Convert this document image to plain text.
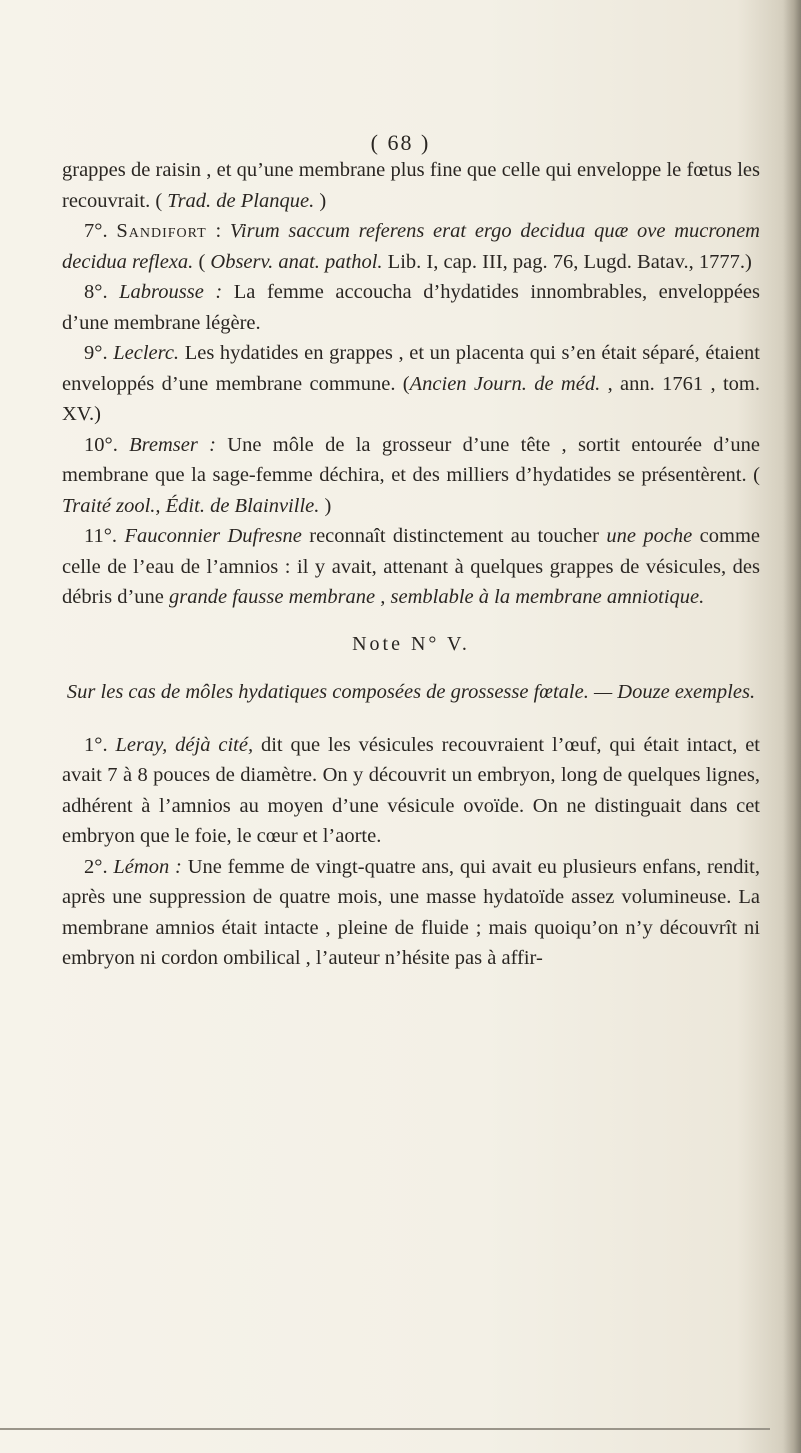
( 68 )

grappes de raisin , et qu’une membrane plus fine que celle qui enveloppe le fœtus les recouvrait. ( Trad. de Planque. )

7°. Sandifort : Virum saccum referens erat ergo decidua quæ ove mucronem decidua reflexa. ( Observ. anat. pathol. Lib. I, cap. III, pag. 76, Lugd. Batav., 1777.)

8°. Labrousse : La femme accoucha d’hydatides innombrables, enveloppées d’une membrane légère.

9°. Leclerc. Les hydatides en grappes , et un placenta qui s’en était séparé, étaient enveloppés d’une membrane commune. (Ancien Journ. de méd. , ann. 1761 , tom. XV.)

10°. Bremser : Une môle de la grosseur d’une tête , sortit entourée d’une membrane que la sage-femme déchira, et des milliers d’hydatides se présentèrent. ( Traité zool., Édit. de Blainville. )

11°. Fauconnier Dufresne reconnaît distinctement au toucher une poche comme celle de l’eau de l’amnios : il y avait, attenant à quelques grappes de vésicules, des débris d’une grande fausse membrane , semblable à la membrane amniotique.

Note N° V.
Sur les cas de môles hydatiques composées de grossesse fœtale. — Douze exemples.

1°. Leray, déjà cité, dit que les vésicules recouvraient l’œuf, qui était intact, et avait 7 à 8 pouces de diamètre. On y découvrit un embryon, long de quelques lignes, adhérent à l’amnios au moyen d’une vésicule ovoïde. On ne distinguait dans cet embryon que le foie, le cœur et l’aorte.

2°. Lémon : Une femme de vingt-quatre ans, qui avait eu plusieurs enfans, rendit, après une suppression de quatre mois, une masse hydatoïde assez volumineuse. La membrane amnios était intacte , pleine de fluide ; mais quoiqu’on n’y découvrît ni embryon ni cordon ombilical , l’auteur n’hésite pas à affir-
